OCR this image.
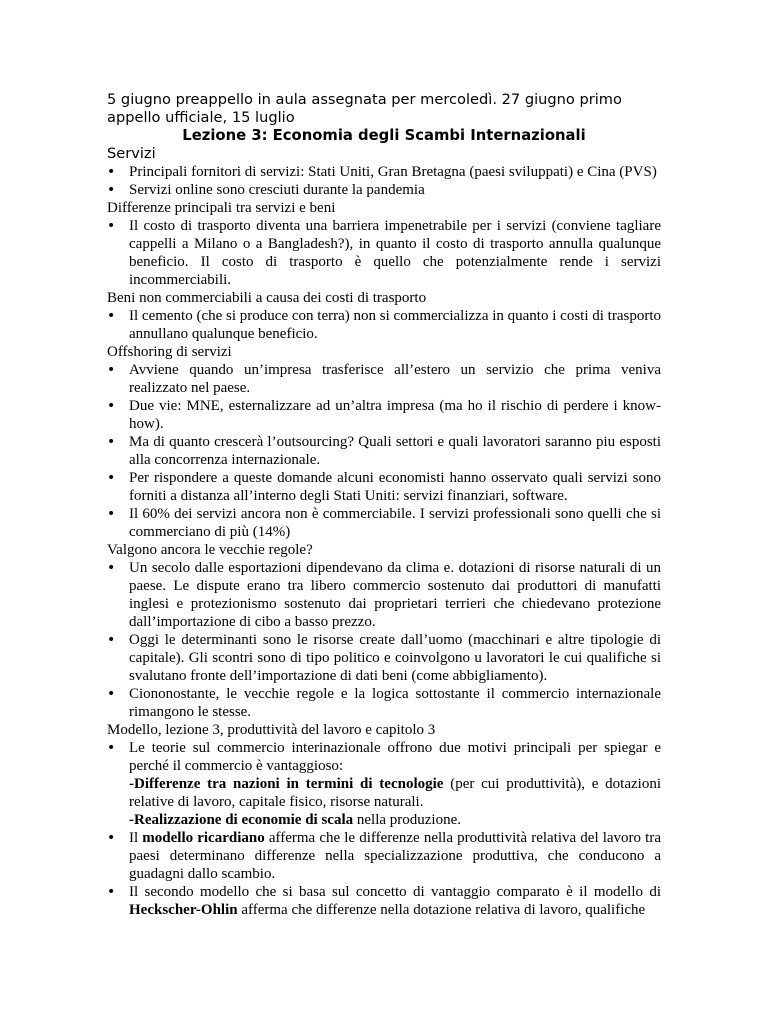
5 giugno preappello in aula assegnata per mercoledì. 27 giugno primo appello ufficiale, 15 luglio

Lezione 3: Economia degli Scambi Internazionali

Servizi

• Principali fornitori di servizi: Stati Uniti, Gran Bretagna (paesi sviluppati) e Cina (PVS)
• Servizi online sono cresciuti durante la pandemia

Differenze principali tra servizi e beni

• Il costo di trasporto diventa una barriera impenetrabile per i servizi (conviene tagliare cappelli a Milano o a Bangladesh?), in quanto il costo di trasporto annulla qualunque beneficio. Il costo di trasporto è quello che potenzialmente rende i servizi incommerciabili.

Beni non commerciabili a causa dei costi di trasporto

• Il cemento (che si produce con terra) non si commercializza in quanto i costi di trasporto annullano qualunque beneficio.

Offshoring di servizi

• Avviene quando un’impresa trasferisce all’estero un servizio che prima veniva realizzato nel paese.
• Due vie: MNE, esternalizzare ad un’altra impresa (ma ho il rischio di perdere i know-how).
• Ma di quanto crescerà l’outsourcing? Quali settori e quali lavoratori saranno piu esposti alla concorrenza internazionale.
• Per rispondere a queste domande alcuni economisti hanno osservato quali servizi sono forniti a distanza all’interno degli Stati Uniti: servizi finanziari, software.
• Il 60% dei servizi ancora non è commerciabile. I servizi professionali sono quelli che si commerciano di più (14%)

Valgono ancora le vecchie regole?

• Un secolo dalle esportazioni dipendevano da clima e. dotazioni di risorse naturali di un paese. Le dispute erano tra libero commercio sostenuto dai produttori di manufatti inglesi e protezionismo sostenuto dai proprietari terrieri che chiedevano protezione dall’importazione di cibo a basso prezzo.
• Oggi le determinanti sono le risorse create dall’uomo (macchinari e altre tipologie di capitale). Gli scontri sono di tipo politico e coinvolgono u lavoratori le cui qualifiche si svalutano fronte dell’importazione di dati beni (come abbigliamento).
• Ciononostante, le vecchie regole e la logica sottostante il commercio internazionale rimangono le stesse.

Modello, lezione 3, produttività del lavoro e capitolo 3

• Le teorie sul commercio interinazionale offrono due motivi principali per spiegar e perché il commercio è vantaggioso:
-Differenze tra nazioni in termini di tecnologie (per cui produttività), e dotazioni relative di lavoro, capitale fisico, risorse naturali.
-Realizzazione di economie di scala nella produzione.
• Il modello ricardiano afferma che le differenze nella produttività relativa del lavoro tra paesi determinano differenze nella specializzazione produttiva, che conducono a guadagni dallo scambio.
• Il secondo modello che si basa sul concetto di vantaggio comparato è il modello di Heckscher-Ohlin afferma che differenze nella dotazione relativa di lavoro, qualifiche
